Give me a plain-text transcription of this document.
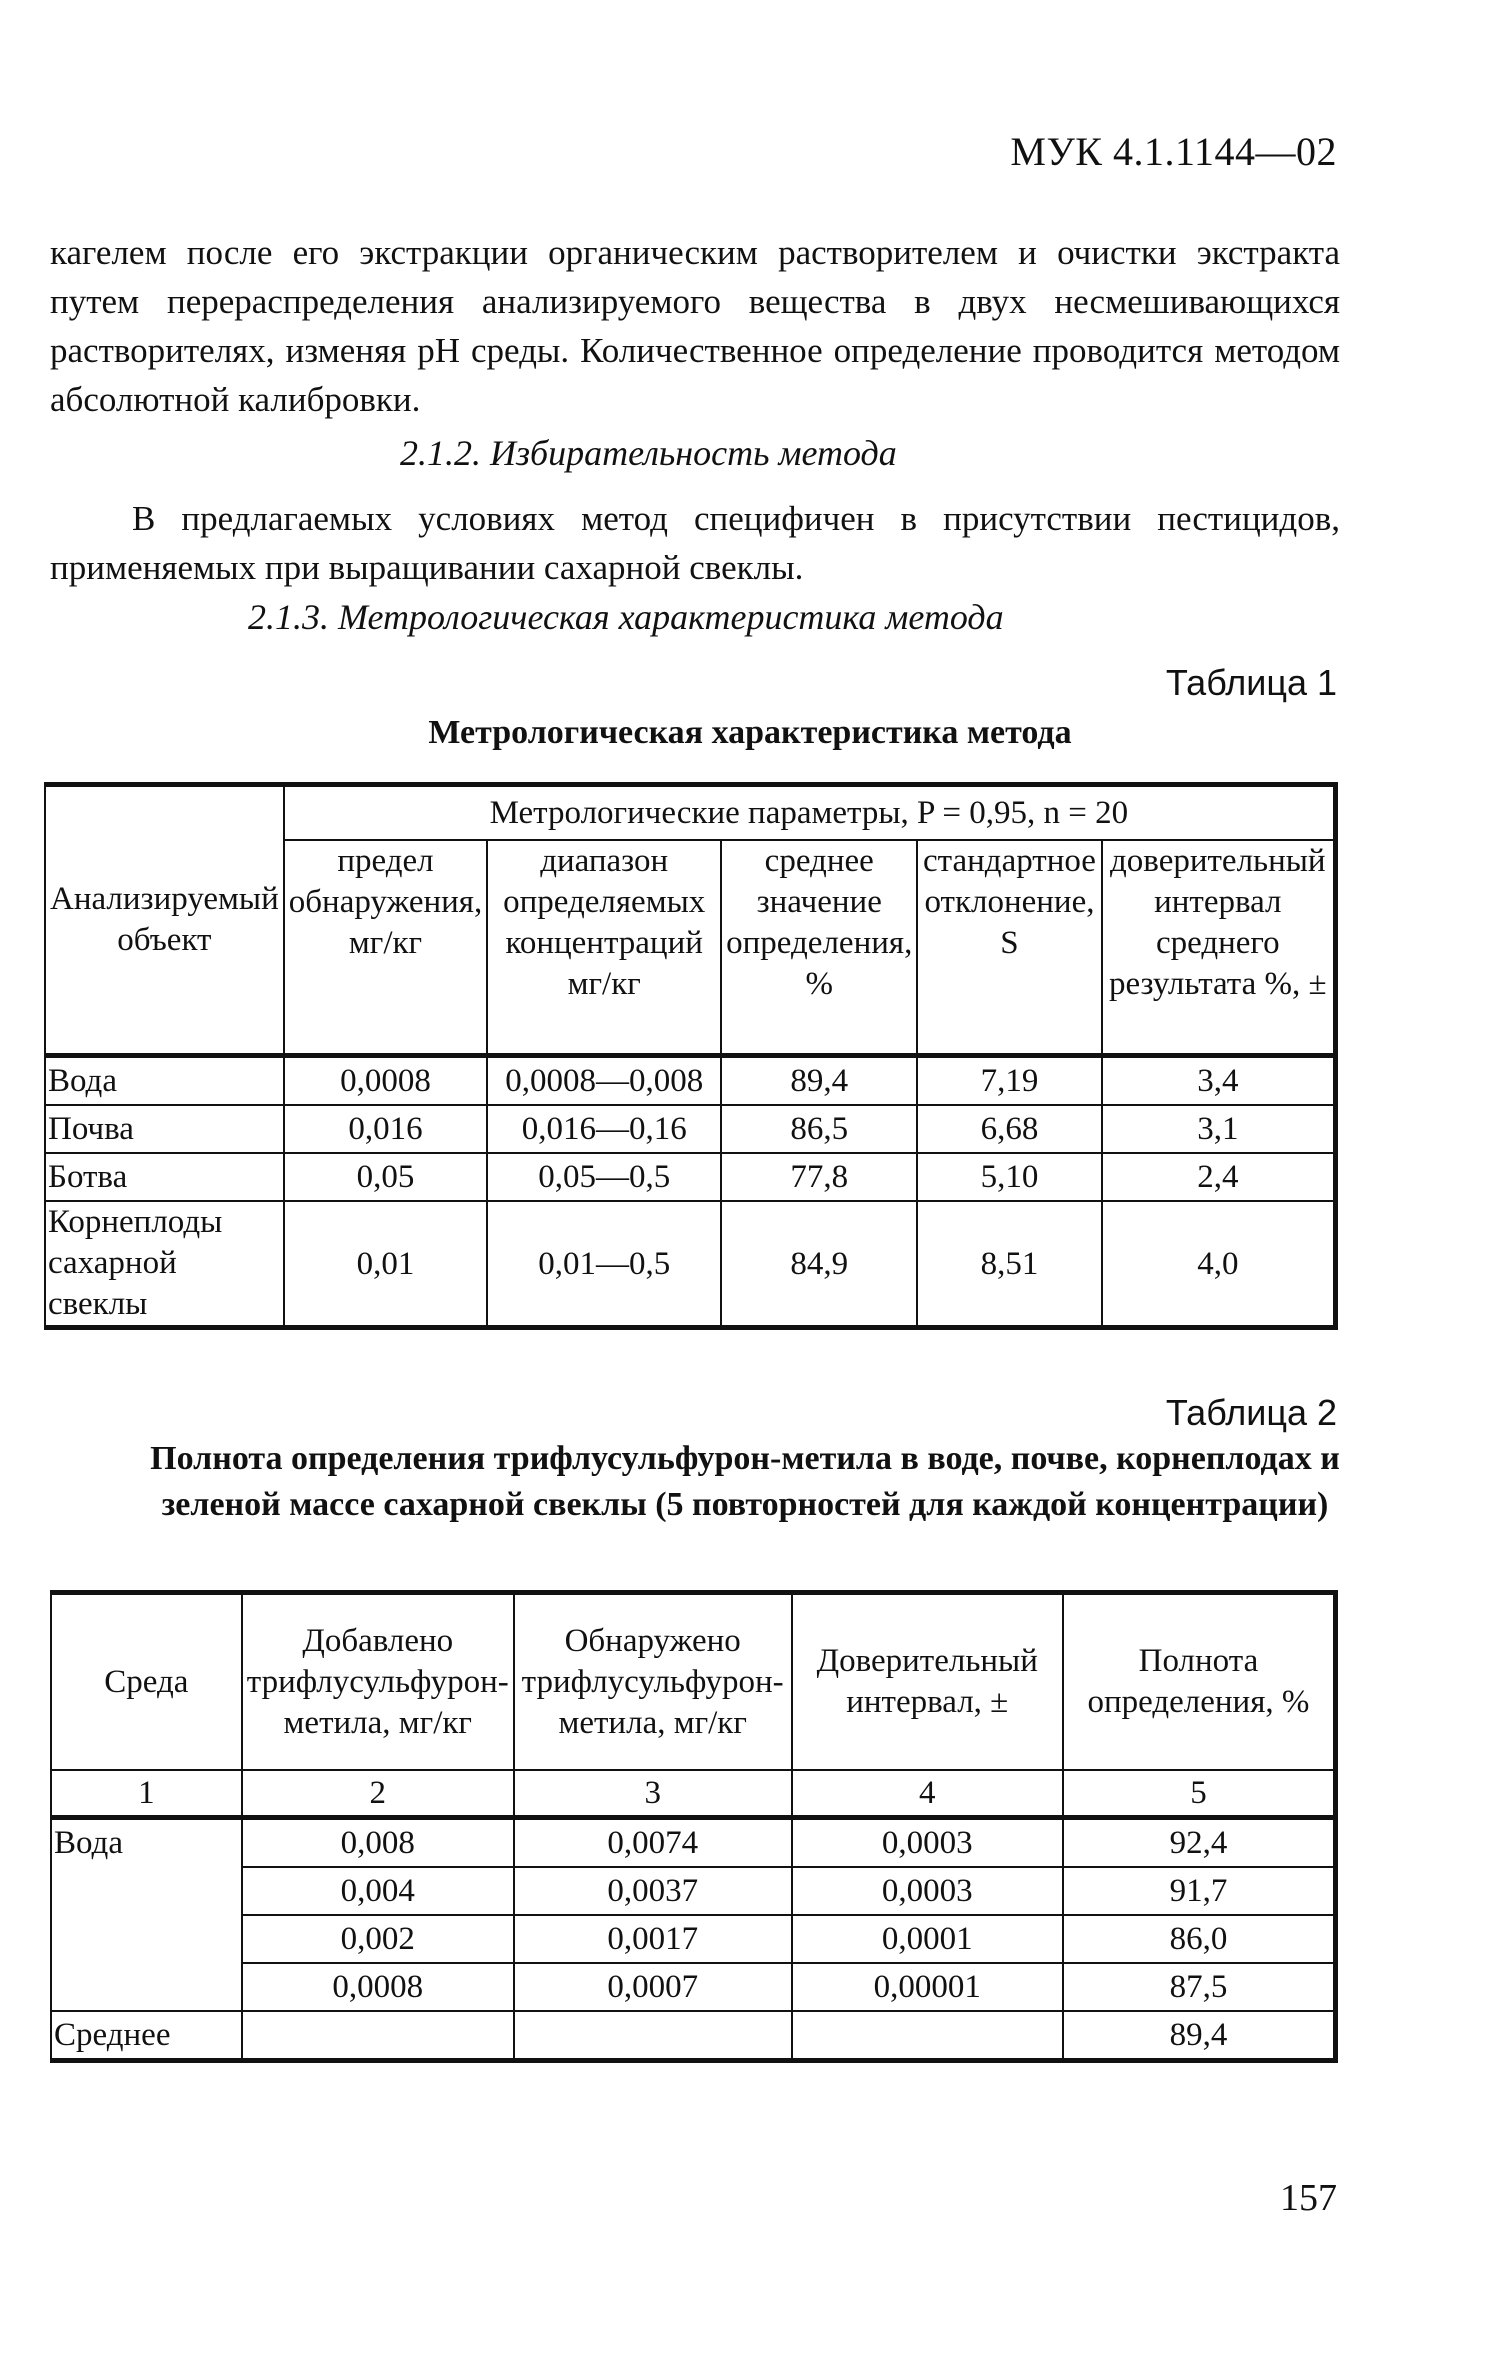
МУК 4.1.1144—02
кагелем после его экстракции органическим растворителем и очистки экстракта путем перераспределения анализируемого вещества в двух несмешивающихся растворителях, изменяя pH среды. Количественное определение проводится методом абсолютной калибровки.
2.1.2. Избирательность метода
В предлагаемых условиях метод специфичен в присутствии пестицидов, применяемых при выращивании сахарной свеклы.
2.1.3. Метрологическая характеристика метода
Таблица 1
Метрологическая характеристика метода
Анализируемый объект	Метрологические параметры, P = 0,95, n = 20				
	предел обнаружения, мг/кг	диапазон определяемых концентраций мг/кг	среднее значение определения, %	стандартное отклонение, S	доверительный интервал среднего результата %, ±
Вода	0,0008	0,0008—0,008	89,4	7,19	3,4
Почва	0,016	0,016—0,16	86,5	6,68	3,1
Ботва	0,05	0,05—0,5	77,8	5,10	2,4
Корнеплоды сахарной свеклы	0,01	0,01—0,5	84,9	8,51	4,0
Таблица 2
Полнота определения трифлусульфурон-метила в воде, почве, корнеплодах и зеленой массе сахарной свеклы (5 повторностей для каждой концентрации)
Среда	Добавлено трифлусульфурон-метила, мг/кг	Обнаружено трифлусульфурон-метила, мг/кг	Доверительный интервал, ±	Полнота определения, %
1	2	3	4	5
Вода	0,008	0,0074	0,0003	92,4
	0,004	0,0037	0,0003	91,7
	0,002	0,0017	0,0001	86,0
	0,0008	0,0007	0,00001	87,5
Среднее				89,4
157
